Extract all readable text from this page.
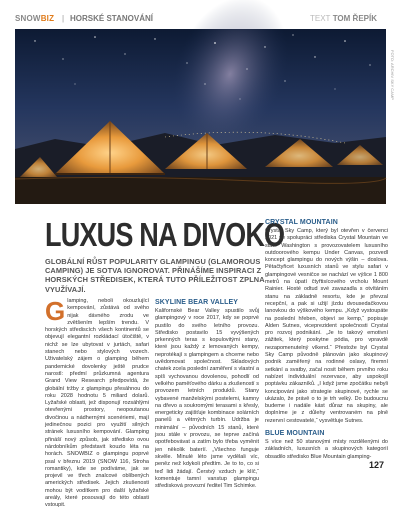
SNOWBIZ | HORSKÉ STANOVÁNÍ	TEXT TOM ŘEPÍK
FOTO: ARCHIV SKY CAMP
LUXUS NA DIVOKO
GLOBÁLNÍ RŮST POPULARITY GLAMPINGU (GLAMOROUS CAMPING) JE SOTVA IGNOROVAT. PŘINÁŠÍME INSPIRACI Z HORSKÝCH STŘEDISEK, KTERÁ TUTO PŘÍLEŽITOST ZPLNA VYUŽÍVAJÍ.
Glamping, neboli okouzlující kempování, zůstává od svého nijak dávného zrodu ve zvětšením lepším trendu. V horských střediscích všech kontinentů se objevují elegantní rozkládací útočiště, v nichž se lze ubytovat v jurtách, safari stanech nebo stylových vozech. Uživatelský zájem o glamping během pandemické dovolenky ještě prudce narostl: předmí průzkumná agentura Grand View Research předpovídá, že globální tržby z glampingu přesáhnou do roku 2028 hodnotu 5 miliard dolarů. Lyžařské oblasti, jež disponují rozsáhlými otevřenými prostory, neopoutanou divočinou a nádhernými scenériemi, mají jedinečnou pozici pro využití silných stránek luxusního kempování. Glamping přináší nový způsob, jak středisko ovou nárdobníkům představit kouzlo léta na horách. SNOWBIZ o glampingu poprvé psal v březnu 2019 (SNOW 116, Stroha romantiky), kde se podíváme, jak se projevil ve třech znalcové oblíbených amerických středisek. Jejich zkušenosti mohou být vodítkem pro další lyžařské areály, které posouvají do této oblasti vstoupit.
SKYLINE BEAR VALLEY
Kalifornské Bear Valley spustilo svůj glampingový v roce 2017, kdy se poprvé pustilo do svého letního provozu. Středisko postavilo 15 vyvýšených prkenných teras s kopulovitými stany, které jsou každý z lemovaných kempy, neprotékají s glampingem a chceme nebo uvědomovat společnost. Skladových chatek zcela poslední zaměření s vlastní a spíš vychovanou dovolenou, pohodlí od velkého paměťového dárku a zkušeností s provozem letních produktů. Stany vybavené manželskými postelemi, kamny na dřevo a soukromými terasami s křesly, energeticky zajišťuje kombinace solárních panelů a větrných turbín. Udržba je minimální – původních 15 stanů, které jsou stále v provozu, se teprve začíná opotřebovávat a zatím bylo třeba vyměnit jen několik bateríí. „Všechno funguje skvěle. Minulé léto jsme vydělali víc, peněz než kdykoli předtím. Je to to, co si teď lidi žádají. Čerstvý vzduch je klíč,“ komentuje tamní vanstup glampingu středisková provozní ředitel Tim Schimke.
CRYSTAL MOUNTAIN
Crystal Sky Camp, který byl otevřen v červenci 2021 ve spolupráci střediska Crystal Mountain ve státě Washington s provozovatelem luxusního outdoorového kempu Under Canvas, pozvedl koncept glampingu do nových výšin – doslova. Pětačtyřicet luxusních stanů ve stylu safari v glampingové vesničce se nachází ve výšce 1 800 metrů na úpatí čtyřtisícového vrcholu Mount Rainier. Hosté odtud své zavazadla s otvítáním stanu na základně resortu, kde je převzal recepční, a pak si užijí jízdu dvousedačkovou lanovkou do výškového kempu. „Když vystoupáte na poslední hřeben, objeví se kemp,“ popisuje Alden Sutnes, viceprezident společnosti Crystal pro rozvoj podnikání. „Je to takový emotivní zážitek, který poskytne pódia, pro vpravdě nezapomenutelný víkend.“ Přestože byl Crystal Sky Camp původně plánován jako skupinový podnik zaměřený na rodinné oslavy, firemní setkání a svatby, začal nosit během prvního roku nabízet individuální rezervace, aby uspokojil poptávku zákazníků. „I když jsme zpočátku nebyli koncipováni jako strategie skupinové, rychle se ukázalo, že právě o to je trh velký. Do budoucnu budeme i nadále kást důraz na skupiny, ale doplníme je z důlehy ventrovaném na plně rezervní cestovatelé,“ vysvětluje Sutnes.
BLUE MOUNTAIN
S více než 50 stanovými místy rozdělenými do základních, luxusních a skupinových kategorií obsadilo středisko Blue Mountain glamping-
127
